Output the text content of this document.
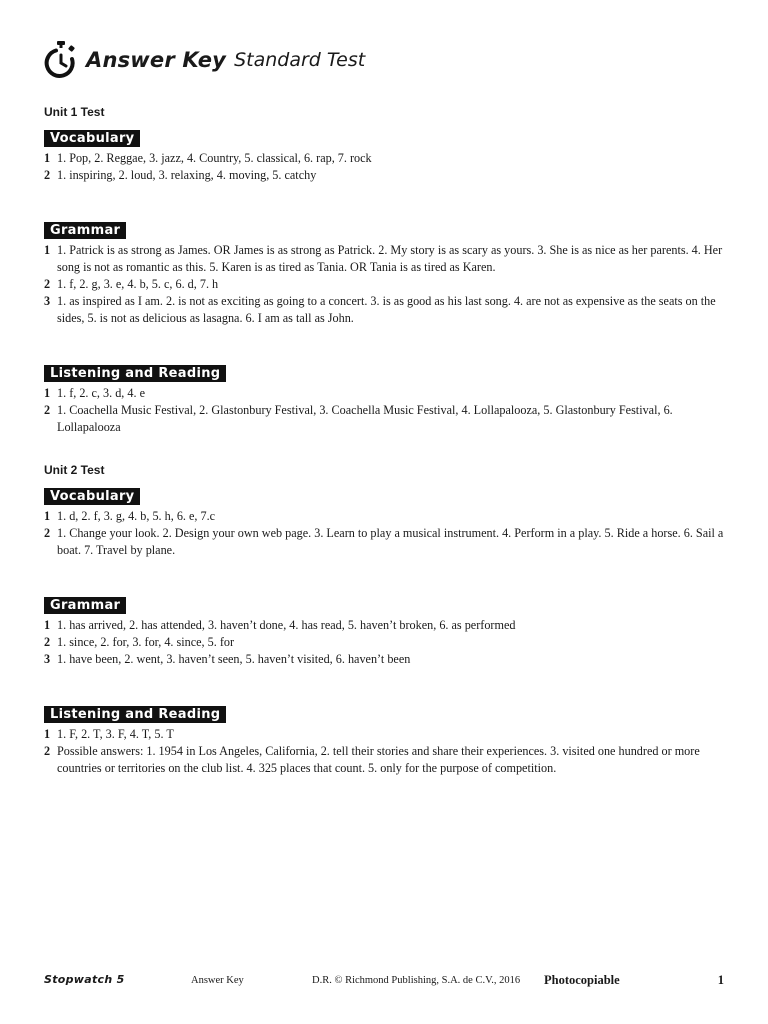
Answer Key Standard Test
Unit 1 Test
Vocabulary
1 1. Pop, 2. Reggae, 3. jazz, 4. Country, 5. classical, 6. rap, 7. rock
2 1. inspiring, 2. loud, 3. relaxing, 4. moving, 5. catchy
Grammar
1 1. Patrick is as strong as James. OR James is as strong as Patrick. 2. My story is as scary as yours. 3. She is as nice as her parents. 4. Her song is not as romantic as this. 5. Karen is as tired as Tania. OR Tania is as tired as Karen.
2 1. f, 2. g, 3. e, 4. b, 5. c, 6. d, 7. h
3 1. as inspired as I am. 2. is not as exciting as going to a concert. 3. is as good as his last song. 4. are not as expensive as the seats on the sides, 5. is not as delicious as lasagna. 6. I am as tall as John.
Listening and Reading
1 1. f, 2. c, 3. d, 4. e
2 1. Coachella Music Festival, 2. Glastonbury Festival, 3. Coachella Music Festival, 4. Lollapalooza, 5. Glastonbury Festival, 6. Lollapalooza
Unit 2 Test
Vocabulary
1 1. d, 2. f, 3. g, 4. b, 5. h, 6. e, 7.c
2 1. Change your look. 2. Design your own web page. 3. Learn to play a musical instrument. 4. Perform in a play. 5. Ride a horse. 6. Sail a boat. 7. Travel by plane.
Grammar
1 1. has arrived, 2. has attended, 3. haven’t done, 4. has read, 5. haven’t broken, 6. as performed
2 1. since, 2. for, 3. for, 4. since, 5. for
3 1. have been, 2. went, 3. haven’t seen, 5. haven’t visited, 6. haven’t been
Listening and Reading
1 1. F, 2. T, 3. F, 4. T, 5. T
2 Possible answers: 1. 1954 in Los Angeles, California, 2. tell their stories and share their experiences. 3. visited one hundred or more countries or territories on the club list. 4. 325 places that count. 5. only for the purpose of competition.
Stopwatch 5	Answer Key	D.R. © Richmond Publishing, S.A. de C.V., 2016 Photocopiable	1
